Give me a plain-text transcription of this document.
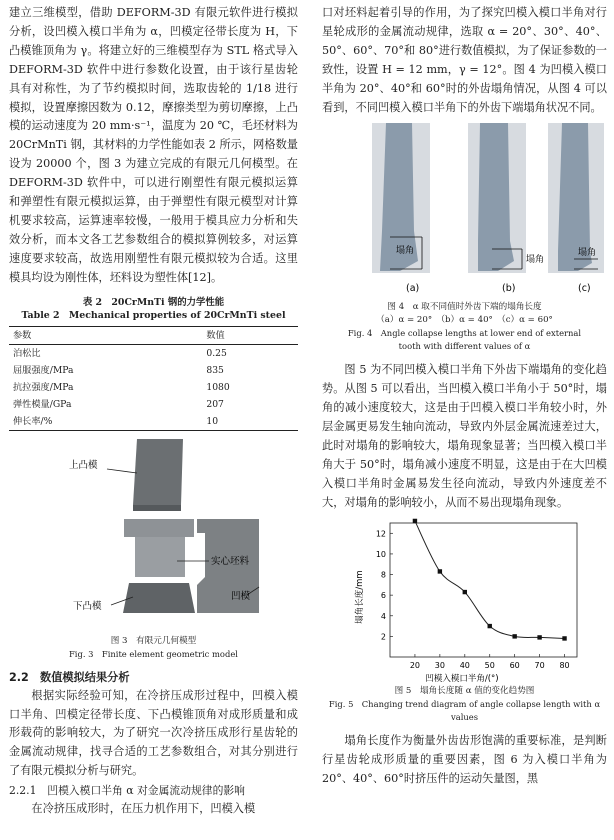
建立三维模型，借助 DEFORM-3D 有限元软件进行模拟分析，设凹模入模口半角为 α，凹模定径带长度为 H，下凸模锥顶角为 γ。将建立好的三维模型存为 STL 格式导入 DEFORM-3D 软件中进行参数化设置，由于该行星齿轮具有对称性，为了节约模拟时间，选取齿轮的 1/18 进行模拟，设置摩擦因数为 0.12，摩擦类型为剪切摩擦，上凸模的运动速度为 20 mm·s⁻¹，温度为 20 ℃，毛坯材料为 20CrMnTi 钢，其材料的力学性能如表 2 所示，网格数量设为 20000 个，图 3 为建立完成的有限元几何模型。在 DEFORM-3D 软件中，可以进行刚塑性有限元模拟运算和弹塑性有限元模拟运算，由于弹塑性有限元模型对计算机要求较高，运算速率较慢，一般用于模具应力分析和失效分析，而本文各工艺参数组合的模拟算例较多，对运算速度要求较高，故选用刚塑性有限元模拟较为合适。这里模具均设为刚性体，坯料设为塑性体[12]。

表 2　20CrMnTi 钢的力学性能

Table 2　Mechanical properties of 20CrMnTi steel

参数	数值
泊松比	0.25
屈服强度/MPa	835
抗拉强度/MPa	1080
弹性模量/GPa	207
伸长率/%	10
上凸模
实心坯料
下凸模
凹模

图 3　有限元几何模型

Fig. 3　Finite element geometric model

2.2　数值模拟结果分析

根据实际经验可知，在冷挤压成形过程中，凹模入模口半角、凹模定径带长度、下凸模锥顶角对成形质量和成形载荷的影响较大，为了研究一次冷挤压成形行星齿轮的金属流动规律，找寻合适的工艺参数组合，对其分别进行了有限元模拟分析与研究。

2.2.1　凹模入模口半角 α 对金属流动规律的影响

在冷挤压成形时，在压力机作用下，凹模入模

口对坯料起着引导的作用，为了探究凹模入模口半角对行星轮成形的金属流动规律，选取 α = 20°、30°、40°、50°、60°、70°和 80°进行数值模拟，为了保证参数的一致性，设置 H = 12 mm，γ = 12°。图 4 为凹模入模口半角为 20°、40°和 60°时的外齿塌角情况，从图 4 可以看到，不同凹模入模口半角下的外齿下端塌角状况不同。

(a)	(b)	(c)
塌角
塌角
塌角

图 4　α 取不同值时外齿下端的塌角长度

（a）α = 20°　（b）α = 40°　（c）α = 60°

Fig. 4　Angle collapse lengths at lower end of external

tooth with different values of α

图 5 为不同凹模入模口半角下外齿下端塌角的变化趋势。从图 5 可以看出，当凹模入模口半角小于 50°时，塌角的减小速度较大，这是由于凹模入模口半角较小时，外层金属更易发生轴向流动，导致内外层金属流速差过大，此时对塌角的影响较大，塌角现象显著；当凹模入模口半角大于 50°时，塌角减小速度不明显，这是由于在大凹模入模口半角时金属易发生径向流动，导致内外速度差不大，对塌角的影响较小，从而不易出现塌角现象。

20 30 40 50 60 70 80
2
4
6
8
10
12
凹模入模口半角/(°)
塌角长度/mm

图 5　塌角长度随 α 值的变化趋势图

Fig. 5　Changing trend diagram of angle collapse length with α values

塌角长度作为衡量外齿齿形饱满的重要标准，是判断行星齿轮成形质量的重要因素，图 6 为入模口半角为 20°、40°、60°时挤压件的运动矢量图，黑
